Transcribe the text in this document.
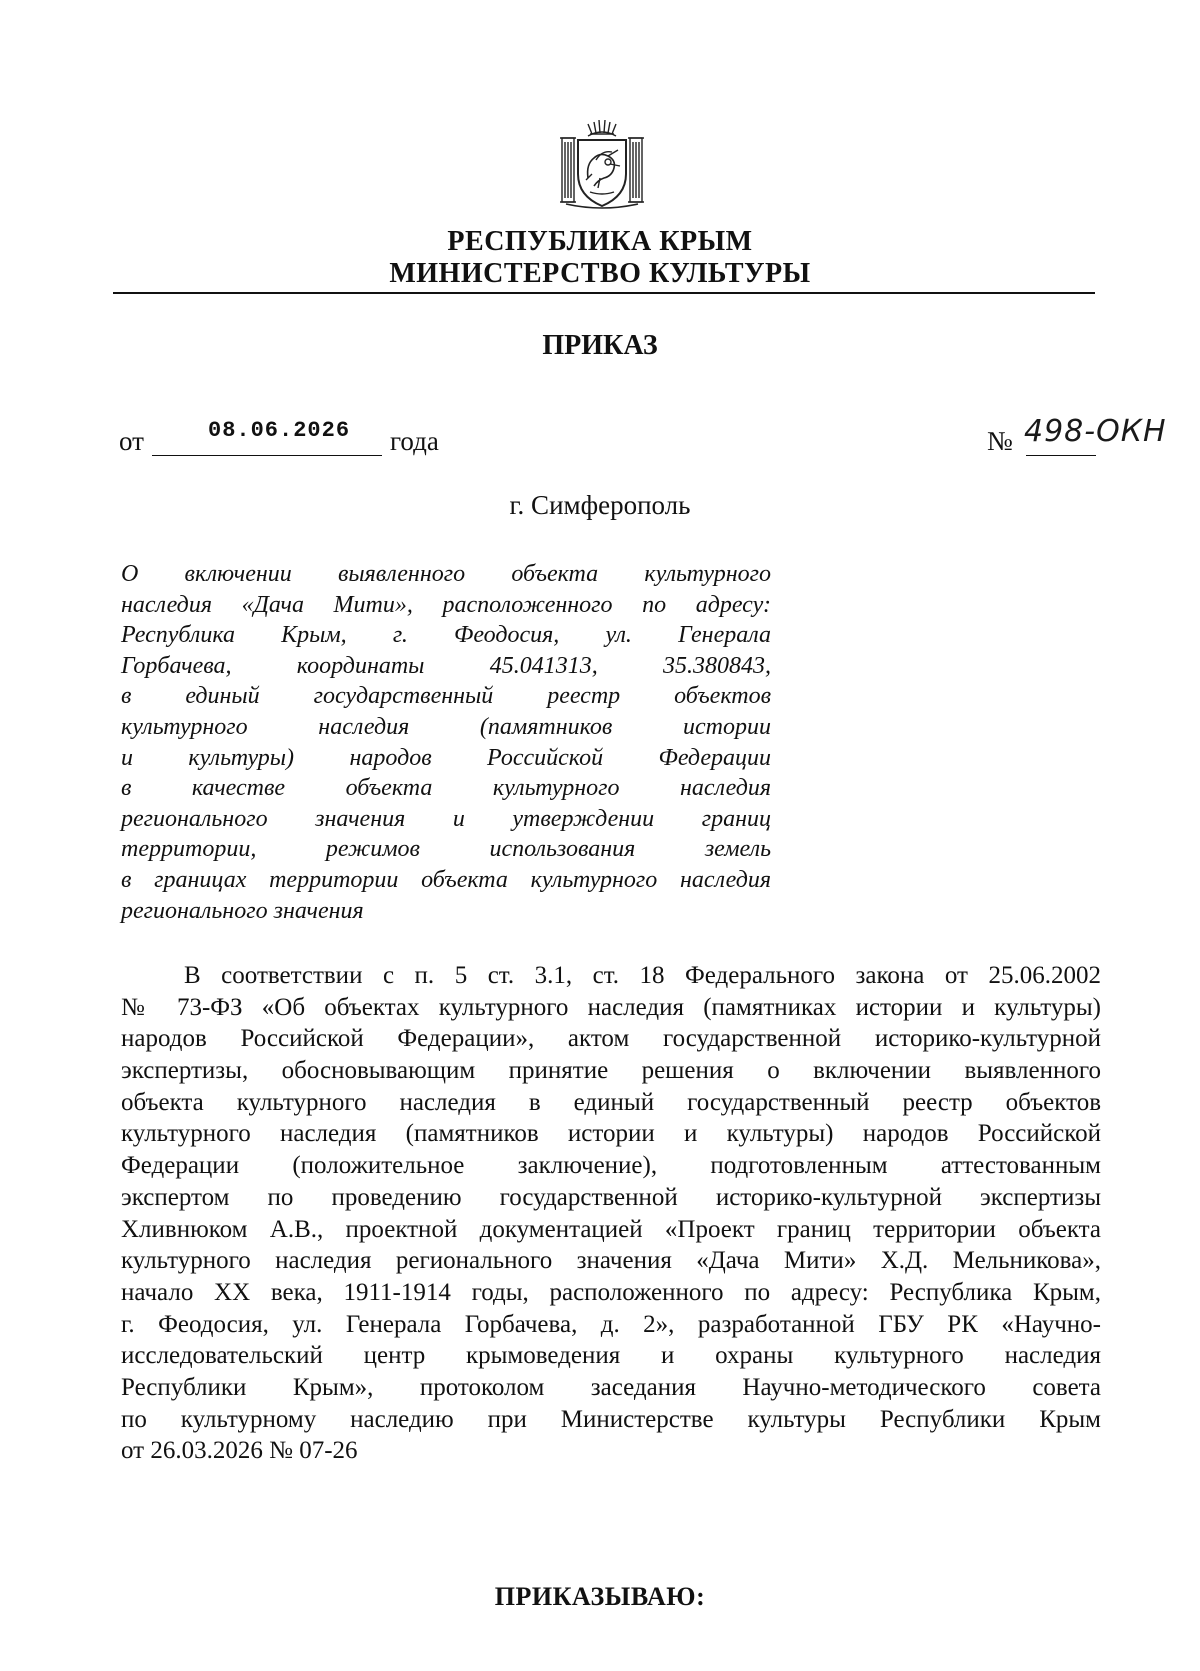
РЕСПУБЛИКА КРЫМ
МИНИСТЕРСТВО КУЛЬТУРЫ
ПРИКАЗ
от	08.06.2026 года	№ 498-ОКН
г. Симферополь
О включении выявленного объекта культурного
наследия «Дача Мити», расположенного по адресу:
Республика Крым, г. Феодосия, ул. Генерала
Горбачева, координаты 45.041313, 35.380843,
в единый государственный реестр объектов
культурного наследия (памятников истории
и культуры) народов Российской Федерации
в качестве объекта культурного наследия
регионального значения и утверждении границ
территории, режимов использования земель
в границах территории объекта культурного наследия
регионального значения
В соответствии с п. 5 ст. 3.1, ст. 18 Федерального закона от 25.06.2002
№ 73-ФЗ «Об объектах культурного наследия (памятниках истории и культуры)
народов Российской Федерации», актом государственной историко-культурной
экспертизы, обосновывающим принятие решения о включении выявленного
объекта культурного наследия в единый государственный реестр объектов
культурного наследия (памятников истории и культуры) народов Российской
Федерации (положительное заключение), подготовленным аттестованным
экспертом по проведению государственной историко-культурной экспертизы
Хливнюком А.В., проектной документацией «Проект границ территории объекта
культурного наследия регионального значения «Дача Мити» Х.Д. Мельникова»,
начало XX века, 1911-1914 годы, расположенного по адресу: Республика Крым,
г. Феодосия, ул. Генерала Горбачева, д. 2», разработанной ГБУ РК «Научно-
исследовательский центр крымоведения и охраны культурного наследия
Республики Крым», протоколом заседания Научно-методического совета
по культурному наследию при Министерстве культуры Республики Крым
от 26.03.2026 № 07-26
ПРИКАЗЫВАЮ:
